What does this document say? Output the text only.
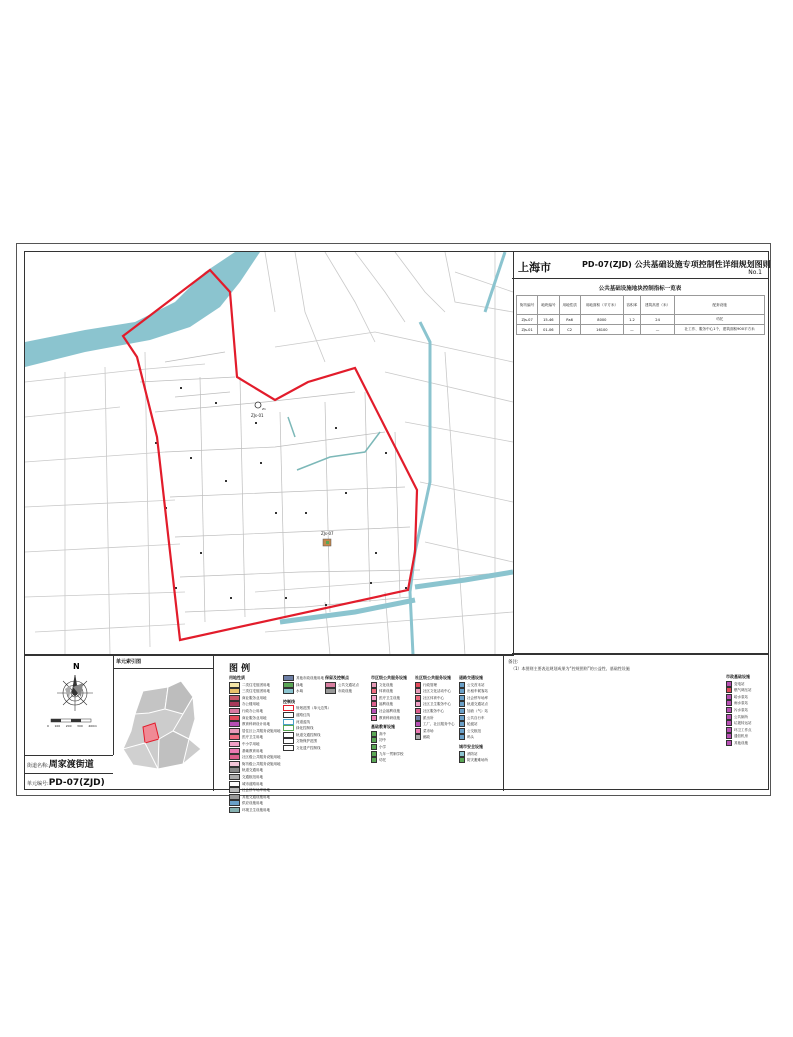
ZJs-01
ZJs-07
Z1
上海市	PD-07(ZJD) 公共基础设施专项控制性详细规划图则
No.1
公共基础设施地块控制指标一览表
街坊编号	地块编号	用地性质	用地面积（平方米）	容积率	建筑高度（米）	配套设施
ZJs-07	15-46	Rs6	8000	1.2	24	幼托
ZJs-01	01-06	C2	16100	—	—	社工作、服务中心1个，建筑面积900平方米
N
0 100 200 300 400m
街道名称:周家渡街道
单元编号:PD-07(ZJD)
单元索引图
图 例
用地性质
二类住宅组团用地
三类住宅组团用地
商业服务业用地
办公楼用地
行政办公用地
商业服务业用地
教育科研设计用地
居住区公共服务设施用地
医疗卫生用地
中小学用地
基础教育用地
社区级公共服务设施用地
街坊级公共服务设施用地
轨道交通用地
交通枢纽用地
城市道路用地
社会停车场库用地
其他交通设施用地
供应设施用地
环境卫生设施用地
其他市政设施用地
绿地
水域
控制线
规划范围（单元边界）
道路红线
河道蓝线
绿化控制线
轨道交通控制线
文物保护范围
文化遗产控制线
保留及控制点
公共交通站点
市政设施
市区级公共服务设施
文化设施
体育设施
医疗卫生设施
福利设施
社会福利设施
教育科研设施
基础教育设施
高中
初中
小学
九年一贯制学校
幼托
社区级公共服务设施
行政管理
社区文化活动中心
社区体育中心
社区卫生服务中心
社区服务中心
派出所
工厂、社区服务中心
菜市场
邮政
道路交通设施
公交首末站
出租车候客站
社会停车场库
轨道交通站点
加油（气）站
公共自行车
轮渡站
公交枢纽
码头
城市安全设施
消防站
防灾避难场所
备注:
（1）本图则主要表达规划成果为“控规图则”的公益性、基础性设施
市政基础设施
变电站
燃气调压站
给水泵站
雨水泵站
污水泵站
公共厕所
垃圾转运站
环卫工作点
通信机房
其他设施
